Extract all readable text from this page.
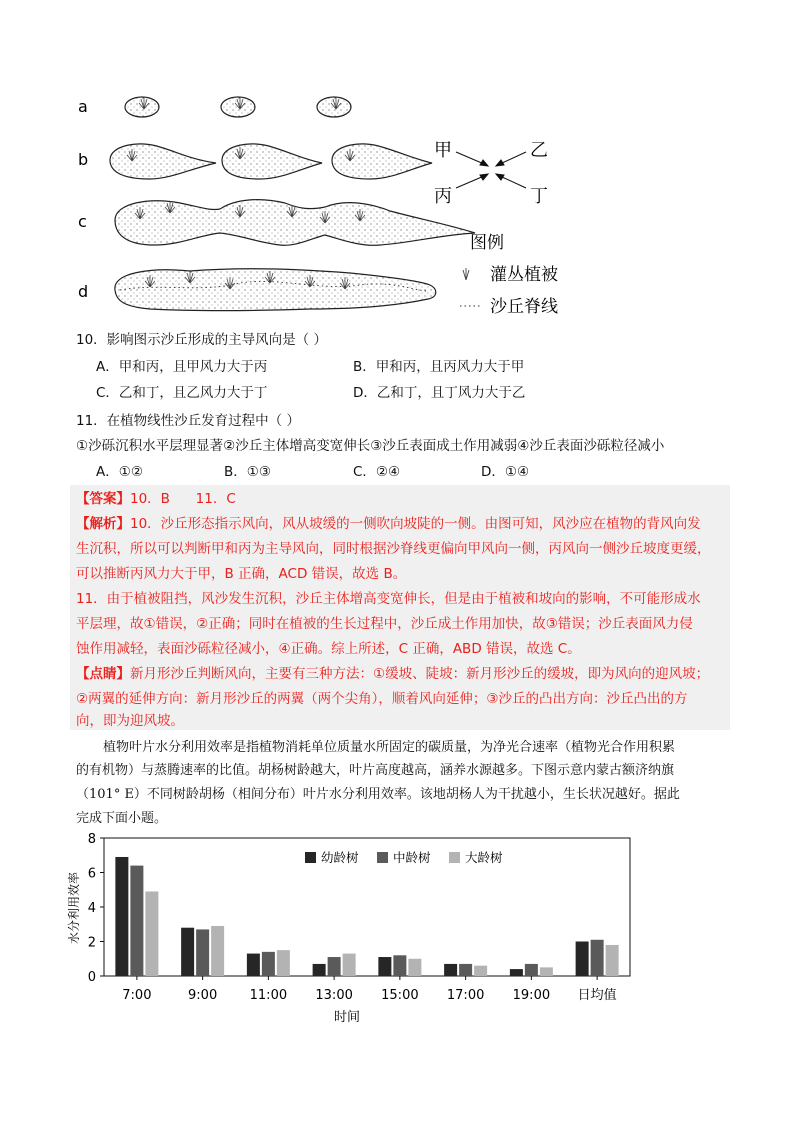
a
b
c
d
甲	乙
丙	丁
图例
灌丛植被
沙丘脊线
10．影响图示沙丘形成的主导风向是（ ）
A．甲和丙，且甲风力大于丙	B．甲和丙，且丙风力大于甲
C．乙和丁，且乙风力大于丁	D．乙和丁，且丁风力大于乙
11．在植物线性沙丘发育过程中（ ）
①沙砾沉积水平层理显著②沙丘主体增高变宽伸长③沙丘表面成土作用减弱④沙丘表面沙砾粒径减小
A．①②	B．①③	C．②④	D．①④
【答案】10．B      11．C
【解析】10．沙丘形态指示风向，风从坡缓的一侧吹向坡陡的一侧。由图可知，风沙应在植物的背风向发
生沉积，所以可以判断甲和丙为主导风向，同时根据沙脊线更偏向甲风向一侧，丙风向一侧沙丘坡度更缓，
可以推断丙风力大于甲，B 正确，ACD 错误，故选 B。
11．由于植被阻挡，风沙发生沉积，沙丘主体增高变宽伸长，但是由于植被和坡向的影响，不可能形成水
平层理，故①错误，②正确；同时在植被的生长过程中，沙丘成土作用加快，故③错误；沙丘表面风力侵
蚀作用减轻，表面沙砾粒径减小，④正确。综上所述，C 正确，ABD 错误，故选 C。
【点睛】新月形沙丘判断风向，主要有三种方法：①缓坡、陡坡：新月形沙丘的缓坡，即为风向的迎风坡；
②两翼的延伸方向：新月形沙丘的两翼（两个尖角），顺着风向延伸；③沙丘的凸出方向：沙丘凸出的方
向，即为迎风坡。
植物叶片水分利用效率是指植物消耗单位质量水所固定的碳质量，为净光合速率（植物光合作用积累
的有机物）与蒸腾速率的比值。胡杨树龄越大，叶片高度越高，涵养水源越多。下图示意内蒙古额济纳旗
（101° E）不同树龄胡杨（相间分布）叶片水分利用效率。该地胡杨人为干扰越小，生长状况越好。据此
完成下面小题。
0
2
4
6
8
7:00	9:00 11:00 13:00 15:00 17:00 19:00 日均值
幼龄树	中龄树	大龄树
水分利用效率
时间
